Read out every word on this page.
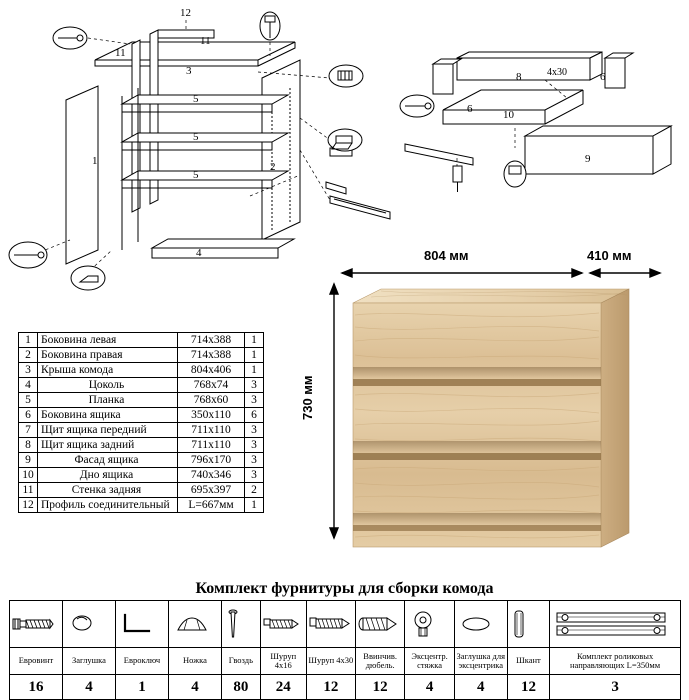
11
11
12
3
5
5
5
1	2
4
8	6
6	10
9
4х30
804 мм	410 мм
730 мм
1	Боковина левая	714х388	1
2	Боковина правая	714х388	1
3	Крыша комода	804х406	1
4	Цоколь	768х74	3
5	Планка	768х60	3
6	Боковина ящика	350х110	6
7	Щит ящика передний	711х110	3
8	Щит ящика задний	711х110	3
9	Фасад ящика	796х170	3
10	Дно ящика	740х346	3
11	Стенка задняя	695х397	2
12	Профиль соединительный	L=667мм	1
Комплект фурнитуры для сборки комода

Евровинт	Заглушка	Евроключ	Ножка	Гвоздь	Шуруп 4х16	Шуруп 4х30	Ввинчив. дюбель.	Эксцентр. стяжка	Заглушка для эксцентрика	Шкант	Комплект роликовых направляющих L=350мм
16	4	1	4	80	24	12	12	4	4	12	3
